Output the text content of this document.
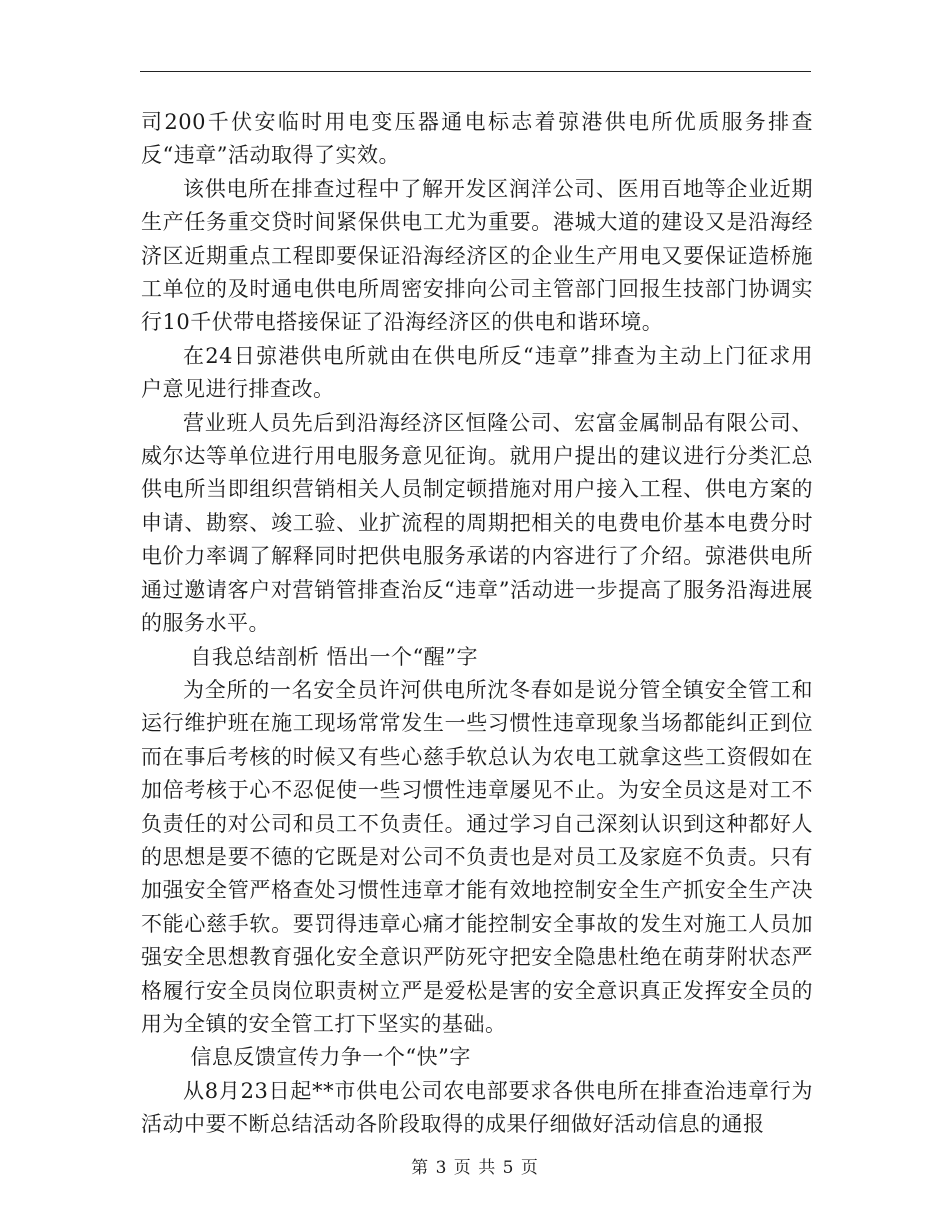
司200千伏安临时用电变压器通电标志着弶港供电所优质服务排查反“违章”活动取得了实效。

该供电所在排查过程中了解开发区润洋公司、医用百地等企业近期生产任务重交贷时间紧保供电工尤为重要。港城大道的建设又是沿海经济区近期重点工程即要保证沿海经济区的企业生产用电又要保证造桥施工单位的及时通电供电所周密安排向公司主管部门回报生技部门协调实行10千伏带电搭接保证了沿海经济区的供电和谐环境。

在24日弶港供电所就由在供电所反“违章”排查为主动上门征求用户意见进行排查改。

营业班人员先后到沿海经济区恒隆公司、宏富金属制品有限公司、威尔达等单位进行用电服务意见征询。就用户提出的建议进行分类汇总供电所当即组织营销相关人员制定顿措施对用户接入工程、供电方案的申请、勘察、竣工验、业扩流程的周期把相关的电费电价基本电费分时电价力率调了解释同时把供电服务承诺的内容进行了介绍。弶港供电所通过邀请客户对营销管排查治反“违章”活动进一步提高了服务沿海进展的服务水平。

自我总结剖析 悟出一个“醒”字

为全所的一名安全员许河供电所沈冬春如是说分管全镇安全管工和运行维护班在施工现场常常发生一些习惯性违章现象当场都能纠正到位而在事后考核的时候又有些心慈手软总认为农电工就拿这些工资假如在加倍考核于心不忍促使一些习惯性违章屡见不止。为安全员这是对工不负责任的对公司和员工不负责任。通过学习自己深刻认识到这种都好人的思想是要不德的它既是对公司不负责也是对员工及家庭不负责。只有加强安全管严格查处习惯性违章才能有效地控制安全生产抓安全生产决不能心慈手软。要罚得违章心痛才能控制安全事故的发生对施工人员加强安全思想教育强化安全意识严防死守把安全隐患杜绝在萌芽附状态严格履行安全员岗位职责树立严是爱松是害的安全意识真正发挥安全员的用为全镇的安全管工打下坚实的基础。

信息反馈宣传力争一个“快”字

从8月23日起**市供电公司农电部要求各供电所在排查治违章行为活动中要不断总结活动各阶段取得的成果仔细做好活动信息的通报

第 3 页 共 5 页
